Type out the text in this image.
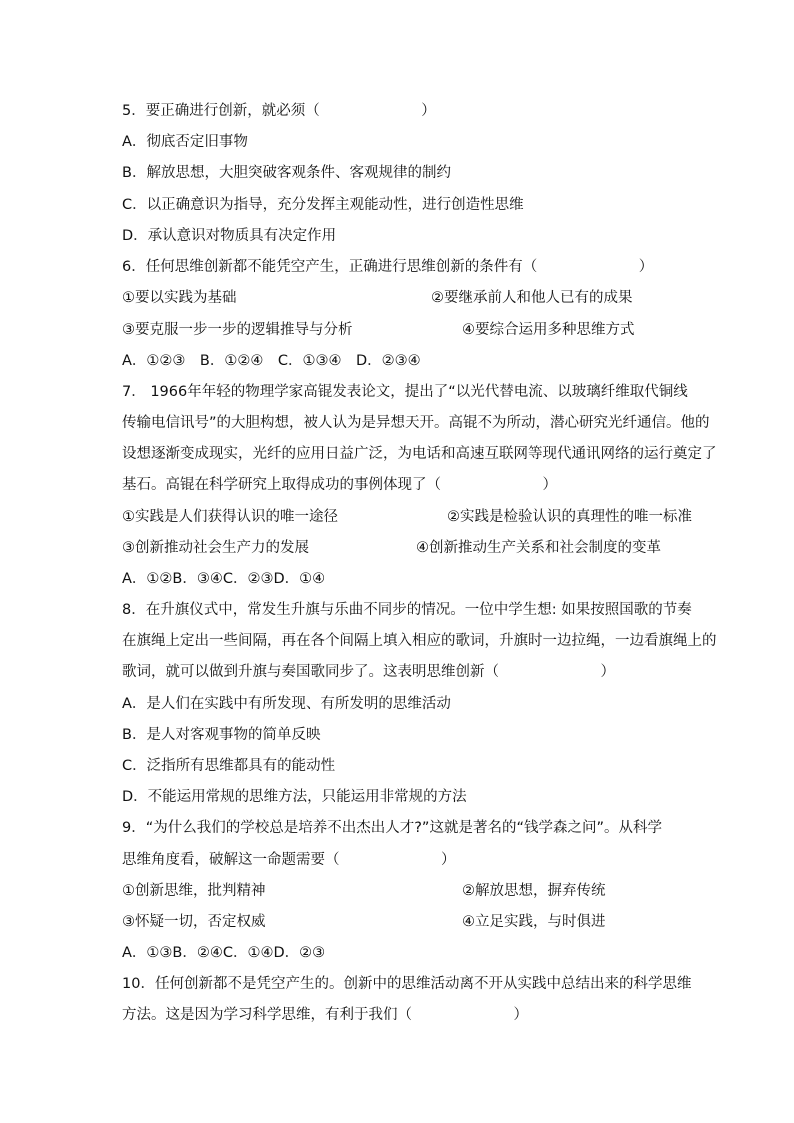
5．要正确进行创新，就必须（　　　　　　　）
A．彻底否定旧事物
B．解放思想，大胆突破客观条件、客观规律的制约
C．以正确意识为指导，充分发挥主观能动性，进行创造性思维
D．承认意识对物质具有决定作用
6．任何思维创新都不能凭空产生，正确进行思维创新的条件有（　　　　　　　）
①要以实践为基础	②要继承前人和他人已有的成果
③要克服一步一步的逻辑推导与分析	④要综合运用多种思维方式
A．①②③　B．①②④　C．①③④　D．②③④
7． 1966年年轻的物理学家高锟发表论文，提出了“以光代替电流、以玻璃纤维取代铜线
传输电信讯号”的大胆构想，被人认为是异想天开。高锟不为所动，潜心研究光纤通信。他的
设想逐渐变成现实，光纤的应用日益广泛，为电话和高速互联网等现代通讯网络的运行奠定了
基石。高锟在科学研究上取得成功的事例体现了（　　　　　　　）
①实践是人们获得认识的唯一途径	②实践是检验认识的真理性的唯一标准
③创新推动社会生产力的发展	④创新推动生产关系和社会制度的变革
A．①②B．③④C．②③D．①④
8．在升旗仪式中，常发生升旗与乐曲不同步的情况。一位中学生想: 如果按照国歌的节奏
在旗绳上定出一些间隔，再在各个间隔上填入相应的歌词，升旗时一边拉绳，一边看旗绳上的
歌词，就可以做到升旗与奏国歌同步了。这表明思维创新（　　　　　　　）
A．是人们在实践中有所发现、有所发明的思维活动
B．是人对客观事物的简单反映
C．泛指所有思维都具有的能动性
D．不能运用常规的思维方法，只能运用非常规的方法
9．“为什么我们的学校总是培养不出杰出人才?”这就是著名的“钱学森之问”。从科学
思维角度看，破解这一命题需要（　　　　　　　）
①创新思维，批判精神	②解放思想，摒弃传统
③怀疑一切，否定权威	④立足实践，与时俱进
A．①③B．②④C．①④D．②③
10．任何创新都不是凭空产生的。创新中的思维活动离不开从实践中总结出来的科学思维
方法。这是因为学习科学思维，有利于我们（　　　　　　　）
